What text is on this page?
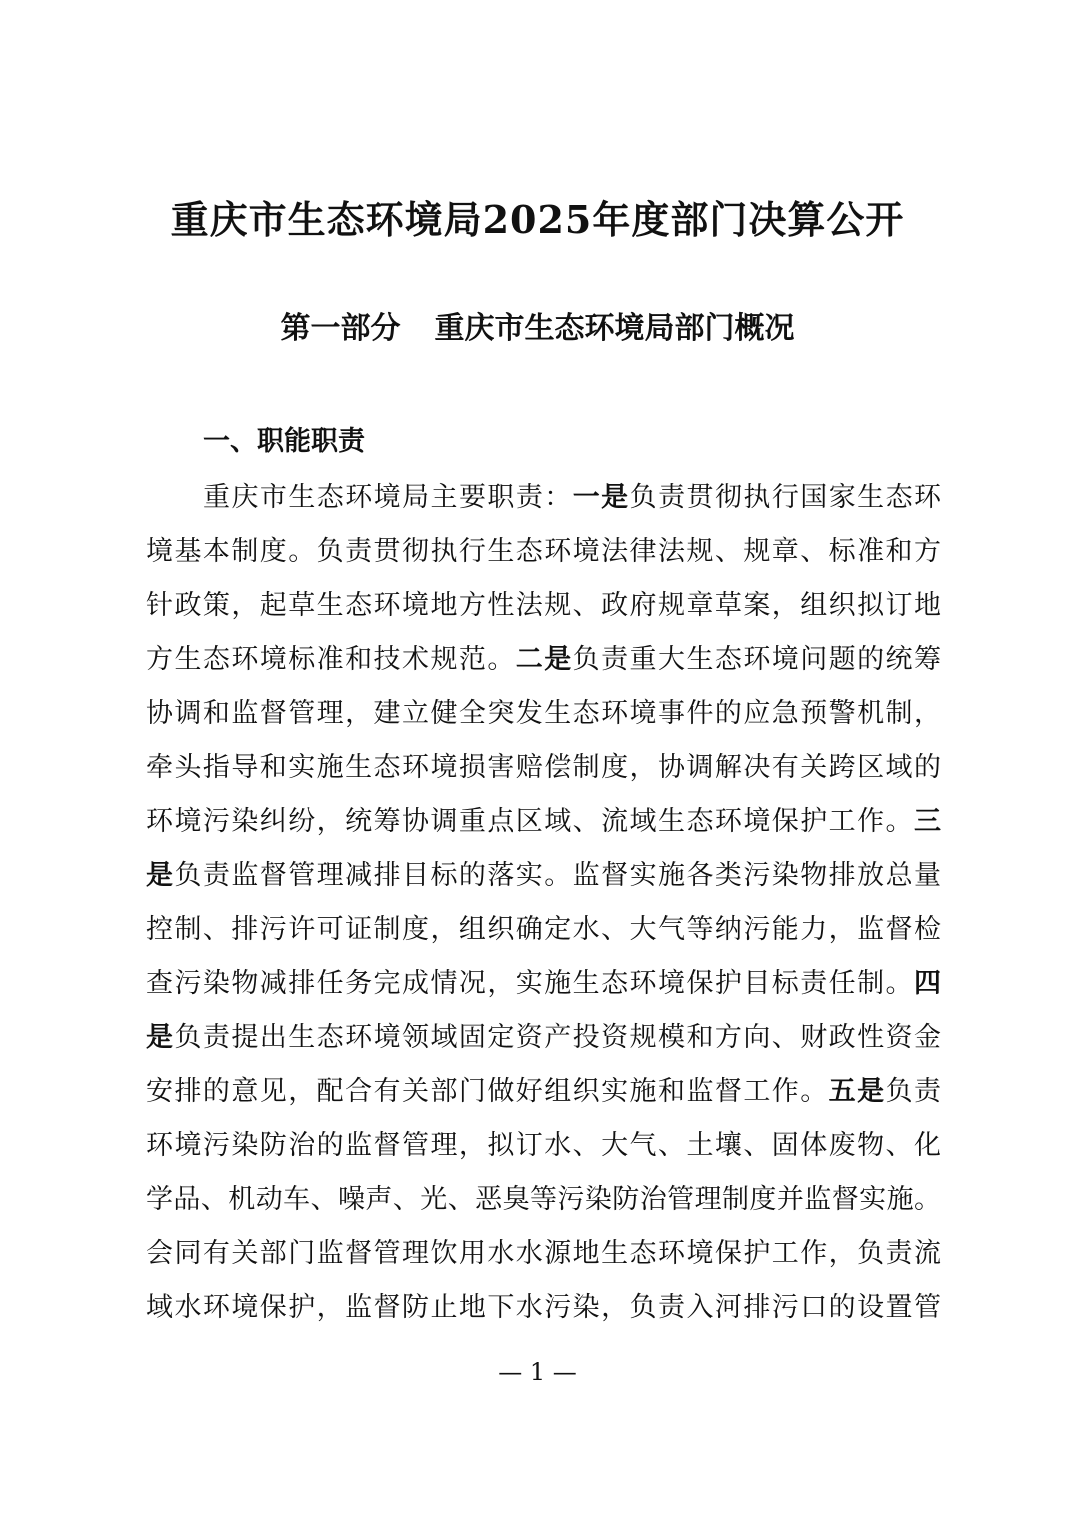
重庆市生态环境局2025年度部门决算公开
第一部分 重庆市生态环境局部门概况
一、职能职责
重庆市生态环境局主要职责：一是负责贯彻执行国家生态环
境基本制度。负责贯彻执行生态环境法律法规、规章、标准和方
针政策，起草生态环境地方性法规、政府规章草案，组织拟订地
方生态环境标准和技术规范。二是负责重大生态环境问题的统筹
协调和监督管理，建立健全突发生态环境事件的应急预警机制，
牵头指导和实施生态环境损害赔偿制度，协调解决有关跨区域的
环境污染纠纷，统筹协调重点区域、流域生态环境保护工作。三
是负责监督管理减排目标的落实。监督实施各类污染物排放总量
控制、排污许可证制度，组织确定水、大气等纳污能力，监督检
查污染物减排任务完成情况，实施生态环境保护目标责任制。四
是负责提出生态环境领域固定资产投资规模和方向、财政性资金
安排的意见，配合有关部门做好组织实施和监督工作。五是负责
环境污染防治的监督管理，拟订水、大气、土壤、固体废物、化
学品、机动车、噪声、光、恶臭等污染防治管理制度并监督实施。
会同有关部门监督管理饮用水水源地生态环境保护工作，负责流
域水环境保护，监督防止地下水污染，负责入河排污口的设置管
— 1 —
